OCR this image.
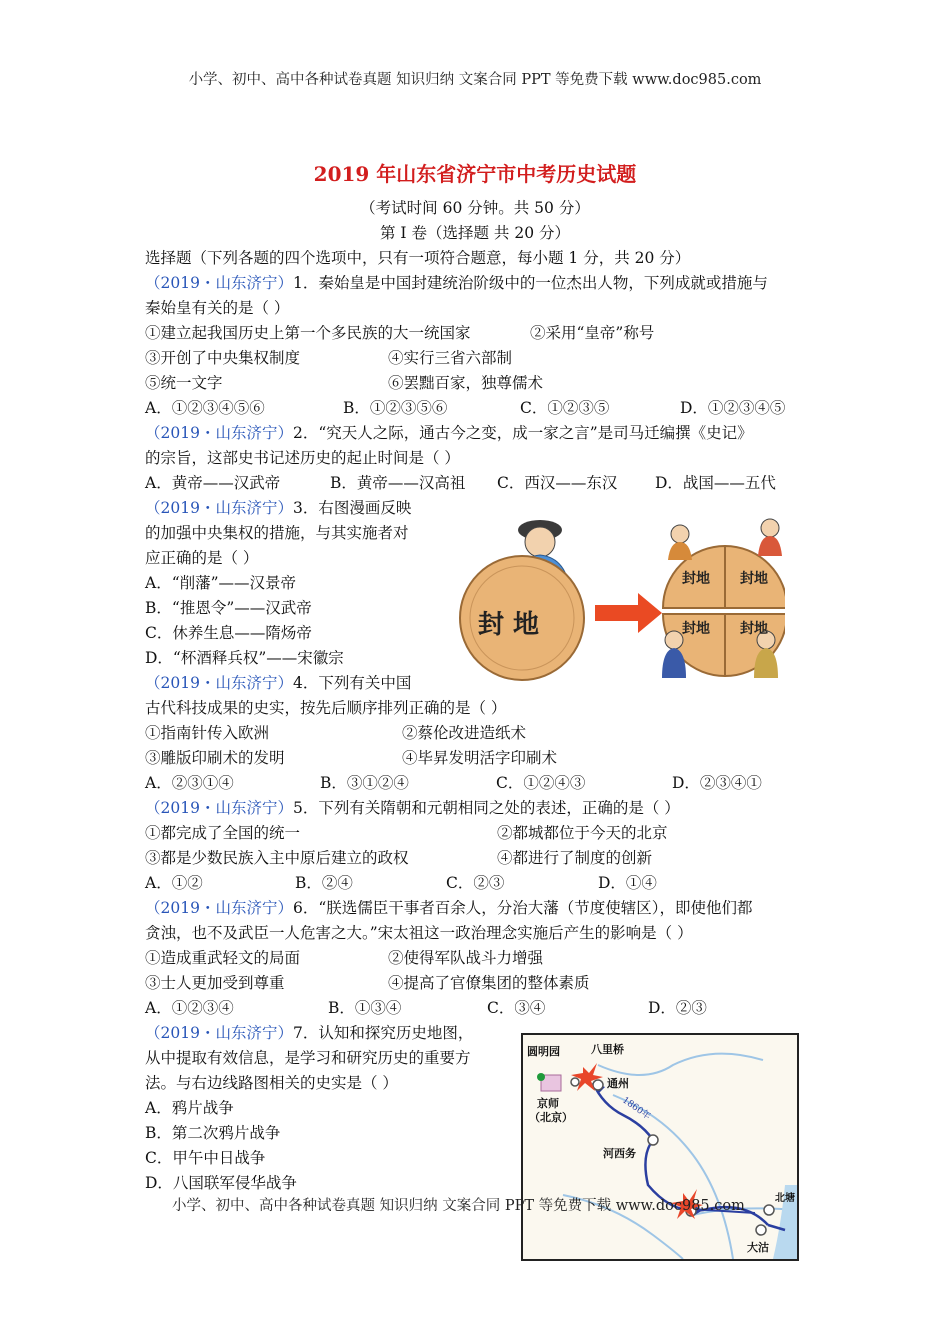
小学、初中、高中各种试卷真题 知识归纳 文案合同 PPT 等免费下载 www.doc985.com
2019 年山东省济宁市中考历史试题
（考试时间 60 分钟。共 50 分）
第 I 卷（选择题 共 20 分）
选择题（下列各题的四个选项中，只有一项符合题意，每小题 1 分，共 20 分）
（2019・山东济宁）1．秦始皇是中国封建统治阶级中的一位杰出人物，下列成就或措施与
秦始皇有关的是（ ）
①建立起我国历史上第一个多民族的大一统国家	②采用“皇帝”称号
③开创了中央集权制度	④实行三省六部制
⑤统一文字	⑥罢黜百家，独尊儒术
A．①②③④⑤⑥	B．①②③⑤⑥	C．①②③⑤	D．①②③④⑤
（2019・山东济宁）2．“究天人之际，通古今之变，成一家之言”是司马迁编撰《史记》
的宗旨，这部史书记述历史的起止时间是（ ）
A．黄帝——汉武帝	B．黄帝——汉高祖 C．西汉——东汉 D．战国——五代
（2019・山东济宁）3．右图漫画反映
的加强中央集权的措施，与其实施者对
应正确的是（ ）
A．“削藩”——汉景帝
B．“推恩令”——汉武帝
C．休养生息——隋炀帝
D．“杯酒释兵权”——宋徽宗
封 地
封地 封地
封地 封地
（2019・山东济宁）4．下列有关中国
古代科技成果的史实，按先后顺序排列正确的是（ ）
①指南针传入欧洲	②蔡伦改进造纸术
③雕版印刷术的发明	④毕昇发明活字印刷术
A．②③①④	B．③①②④	C．①②④③	D．②③④①
（2019・山东济宁）5．下列有关隋朝和元朝相同之处的表述，正确的是（ ）
①都完成了全国的统一	②都城都位于今天的北京
③都是少数民族入主中原后建立的政权	④都进行了制度的创新
A．①②	B．②④	C．②③	D．①④
（2019・山东济宁）6．“朕选儒臣干事者百余人，分治大藩（节度使辖区），即使他们都
贪浊，也不及武臣一人危害之大。”宋太祖这一政治理念实施后产生的影响是（ ）
①造成重武轻文的局面	②使得军队战斗力增强
③士人更加受到尊重	④提高了官僚集团的整体素质
A．①②③④	B．①③④	C．③④	D．②③
（2019・山东济宁）7．认知和探究历史地图，
从中提取有效信息，是学习和研究历史的重要方
法。与右边线路图相关的史实是（ ）
A．鸦片战争
B．第二次鸦片战争
C．甲午中日战争
D．八国联军侵华战争
圆明园	八里桥
通州
京师
（北京）
河西务
大沽
北塘
1860年
小学、初中、高中各种试卷真题 知识归纳 文案合同 PPT 等免费下载 www.doc985.com
